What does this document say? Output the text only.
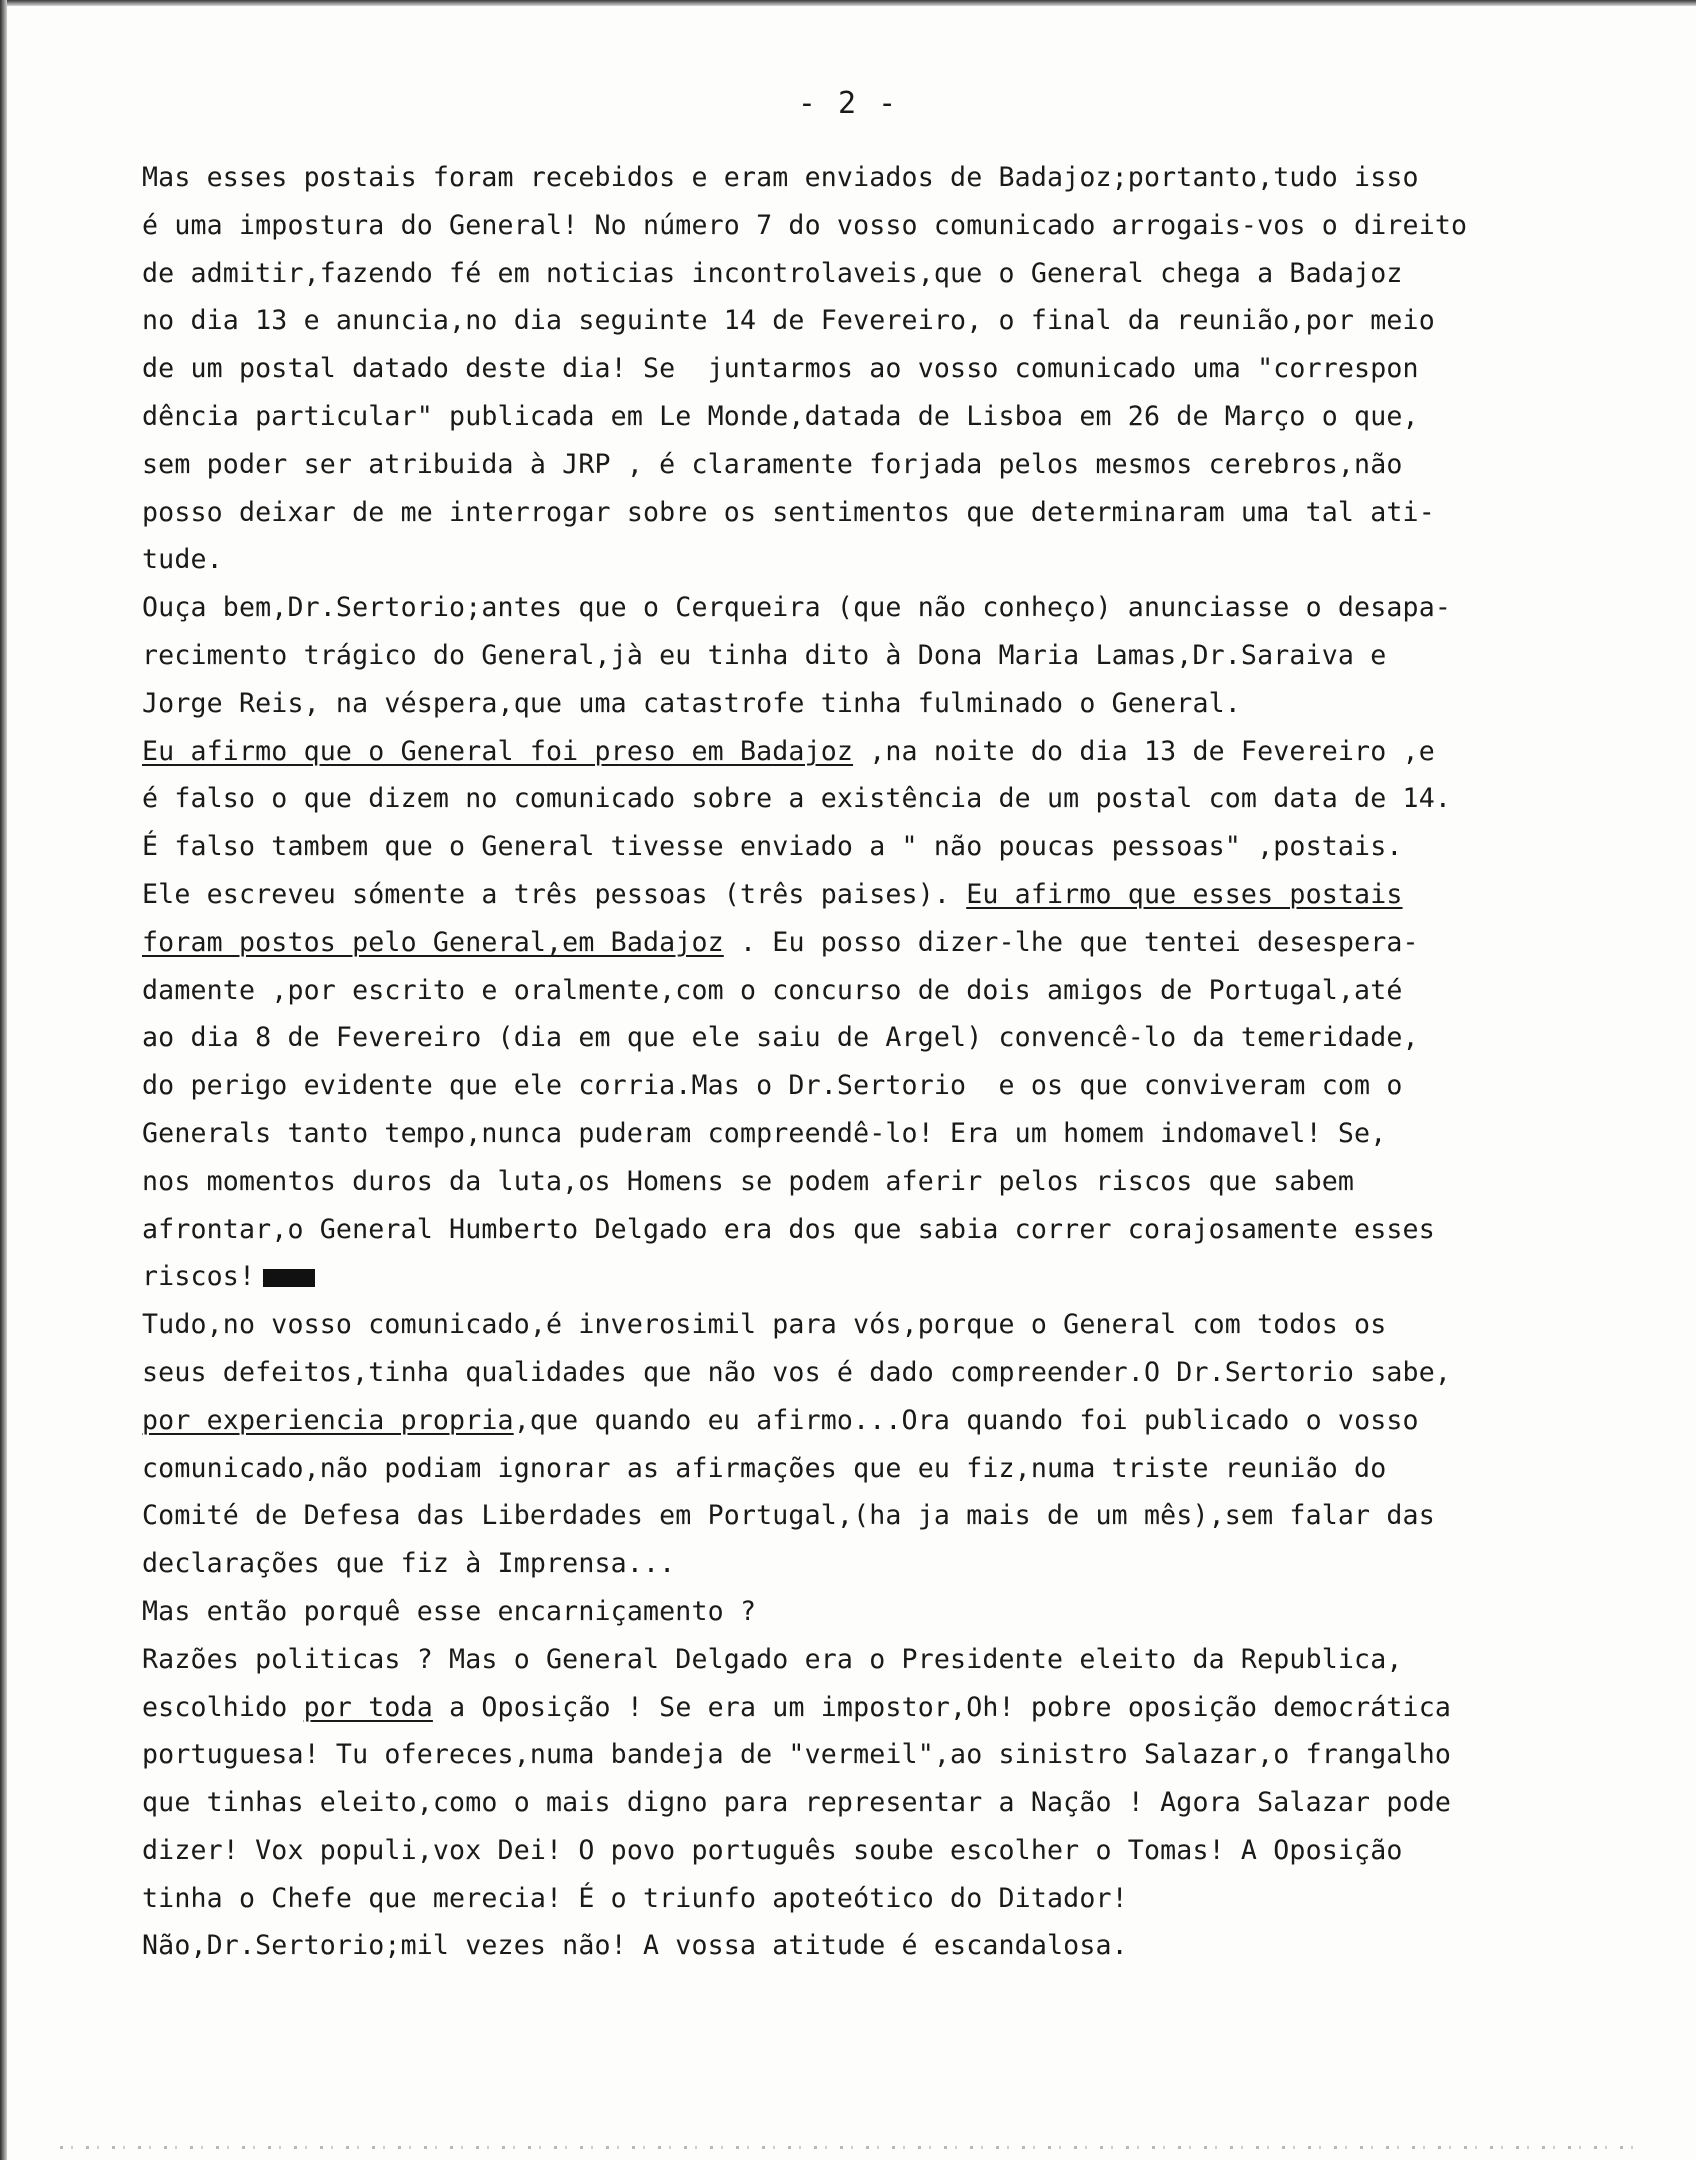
- 2 -
Mas esses postais foram recebidos e eram enviados de Badajoz;portanto,tudo isso
é uma impostura do General! No número 7 do vosso comunicado arrogais-vos o direito
de admitir,fazendo fé em noticias incontrolaveis,que o General chega a Badajoz
no dia 13 e anuncia,no dia seguinte 14 de Fevereiro, o final da reunião,por meio
de um postal datado deste dia! Se  juntarmos ao vosso comunicado uma "correspon
dência particular" publicada em Le Monde,datada de Lisboa em 26 de Março o que,
sem poder ser atribuida à JRP , é claramente forjada pelos mesmos cerebros,não
posso deixar de me interrogar sobre os sentimentos que determinaram uma tal ati-
tude.
Ouça bem,Dr.Sertorio;antes que o Cerqueira (que não conheço) anunciasse o desapa-
recimento trágico do General,jà eu tinha dito à Dona Maria Lamas,Dr.Saraiva e
Jorge Reis, na véspera,que uma catastrofe tinha fulminado o General.
Eu afirmo que o General foi preso em Badajoz ,na noite do dia 13 de Fevereiro ,e
é falso o que dizem no comunicado sobre a existência de um postal com data de 14.
É falso tambem que o General tivesse enviado a " não poucas pessoas" ,postais.
Ele escreveu sómente a três pessoas (três paises). Eu afirmo que esses postais
foram postos pelo General,em Badajoz . Eu posso dizer-lhe que tentei desespera-
damente ,por escrito e oralmente,com o concurso de dois amigos de Portugal,até
ao dia 8 de Fevereiro (dia em que ele saiu de Argel) convencê-lo da temeridade,
do perigo evidente que ele corria.Mas o Dr.Sertorio  e os que conviveram com o
Generals tanto tempo,nunca puderam compreendê-lo! Era um homem indomavel! Se,
nos momentos duros da luta,os Homens se podem aferir pelos riscos que sabem
afrontar,o General Humberto Delgado era dos que sabia correr corajosamente esses
riscos!
Tudo,no vosso comunicado,é inverosimil para vós,porque o General com todos os
seus defeitos,tinha qualidades que não vos é dado compreender.O Dr.Sertorio sabe,
por experiencia propria,que quando eu afirmo...Ora quando foi publicado o vosso
comunicado,não podiam ignorar as afirmações que eu fiz,numa triste reunião do
Comité de Defesa das Liberdades em Portugal,(ha ja mais de um mês),sem falar das
declarações que fiz à Imprensa...
Mas então porquê esse encarniçamento ?
Razões politicas ? Mas o General Delgado era o Presidente eleito da Republica,
escolhido por toda a Oposição ! Se era um impostor,Oh! pobre oposição democrática
portuguesa! Tu ofereces,numa bandeja de "vermeil",ao sinistro Salazar,o frangalho
que tinhas eleito,como o mais digno para representar a Nação ! Agora Salazar pode
dizer! Vox populi,vox Dei! O povo português soube escolher o Tomas! A Oposição
tinha o Chefe que merecia! É o triunfo apoteótico do Ditador!
Não,Dr.Sertorio;mil vezes não! A vossa atitude é escandalosa.
